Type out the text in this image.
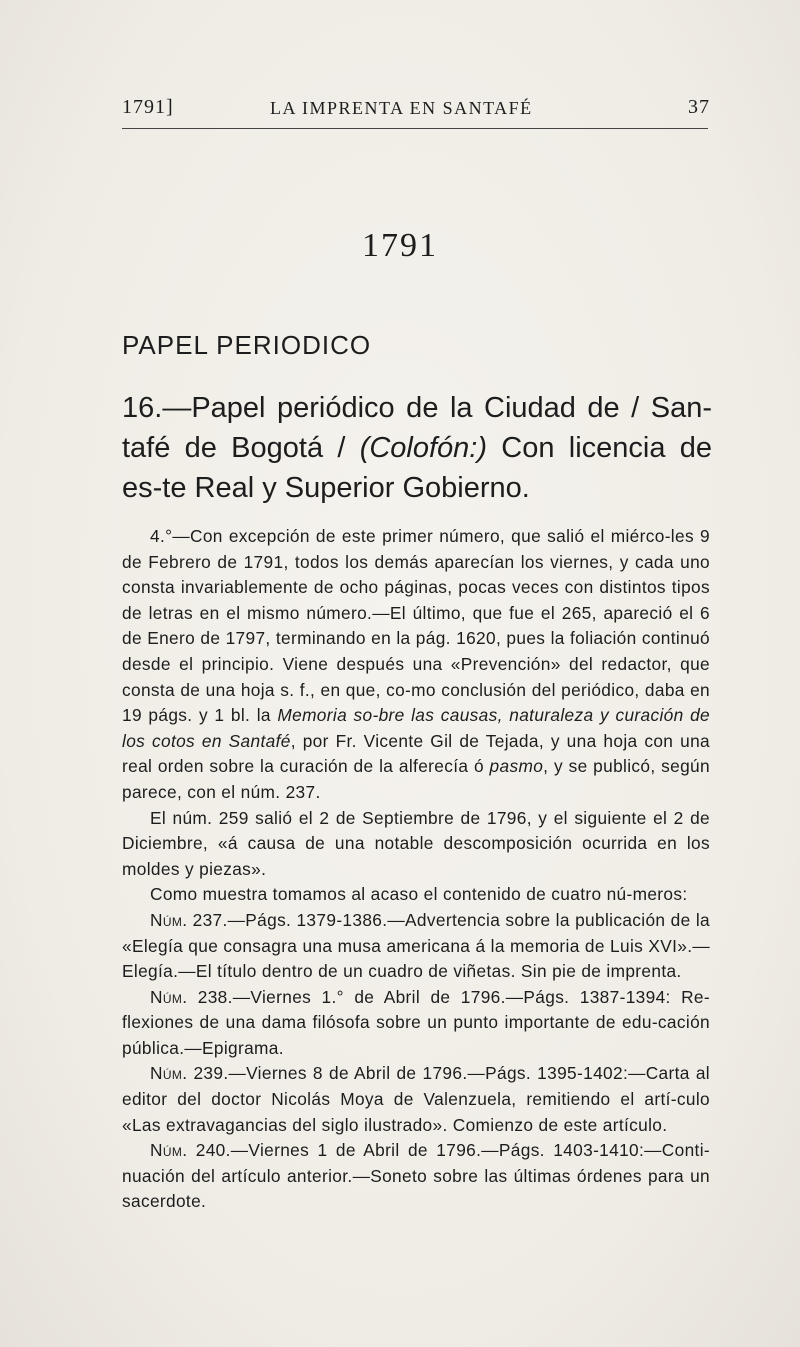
1791]	LA IMPRENTA EN SANTAFÉ	37
1791
PAPEL PERIODICO
16.—Papel periódico de la Ciudad de / San-tafé de Bogotá / (Colofón:) Con licencia de es-te Real y Superior Gobierno.

4.°—Con excepción de este primer número, que salió el miérco-les 9 de Febrero de 1791, todos los demás aparecían los viernes, y cada uno consta invariablemente de ocho páginas, pocas veces con distintos tipos de letras en el mismo número.—El último, que fue el 265, apareció el 6 de Enero de 1797, terminando en la pág. 1620, pues la foliación continuó desde el principio. Viene después una «Prevención» del redactor, que consta de una hoja s. f., en que, co-mo conclusión del periódico, daba en 19 págs. y 1 bl. la Memoria so-bre las causas, naturaleza y curación de los cotos en Santafé, por Fr. Vicente Gil de Tejada, y una hoja con una real orden sobre la curación de la alferecía ó pasmo, y se publicó, según parece, con el núm. 237.

El núm. 259 salió el 2 de Septiembre de 1796, y el siguiente el 2 de Diciembre, «á causa de una notable descomposición ocurrida en los moldes y piezas».

Como muestra tomamos al acaso el contenido de cuatro nú-meros:

Núm. 237.—Págs. 1379-1386.—Advertencia sobre la publicación de la «Elegía que consagra una musa americana á la memoria de Luis XVI».—Elegía.—El título dentro de un cuadro de viñetas. Sin pie de imprenta.

Núm. 238.—Viernes 1.° de Abril de 1796.—Págs. 1387-1394: Re-flexiones de una dama filósofa sobre un punto importante de edu-cación pública.—Epigrama.

Núm. 239.—Viernes 8 de Abril de 1796.—Págs. 1395-1402:—Carta al editor del doctor Nicolás Moya de Valenzuela, remitiendo el artí-culo «Las extravagancias del siglo ilustrado». Comienzo de este artículo.

Núm. 240.—Viernes 1 de Abril de 1796.—Págs. 1403-1410:—Conti-nuación del artículo anterior.—Soneto sobre las últimas órdenes para un sacerdote.
